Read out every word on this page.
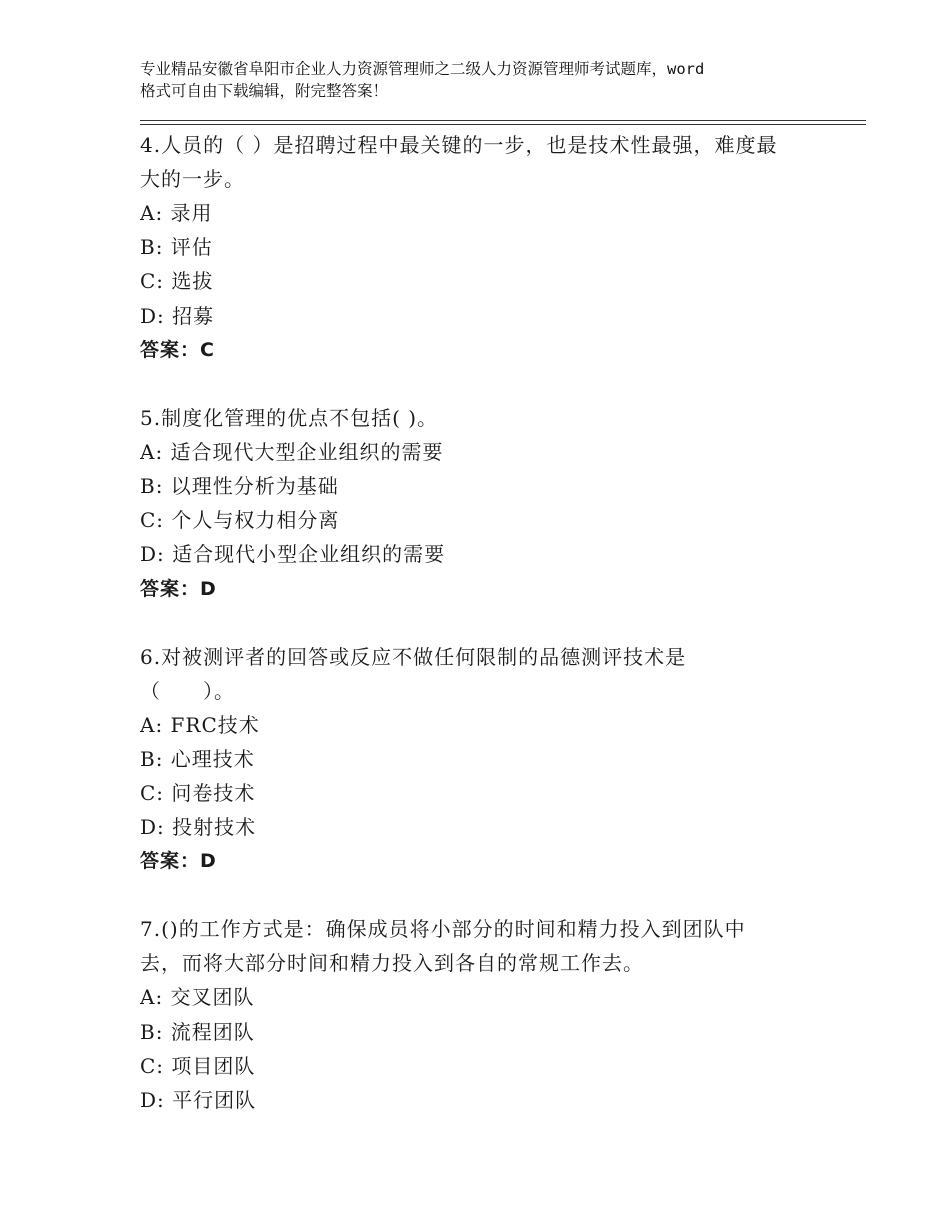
专业精品安徽省阜阳市企业人力资源管理师之二级人力资源管理师考试题库，word
格式可自由下载编辑，附完整答案！
4.人员的（ ）是招聘过程中最关键的一步，也是技术性最强，难度最
大的一步。
A: 录用
B: 评估
C: 选拔
D: 招募
答案：C
5.制度化管理的优点不包括( )。
A: 适合现代大型企业组织的需要
B: 以理性分析为基础
C: 个人与权力相分离
D: 适合现代小型企业组织的需要
答案：D
6.对被测评者的回答或反应不做任何限制的品德测评技术是
（　　）。
A: FRC技术
B: 心理技术
C: 问卷技术
D: 投射技术
答案：D
7.()的工作方式是：确保成员将小部分的时间和精力投入到团队中
去，而将大部分时间和精力投入到各自的常规工作去。
A: 交叉团队
B: 流程团队
C: 项目团队
D: 平行团队
